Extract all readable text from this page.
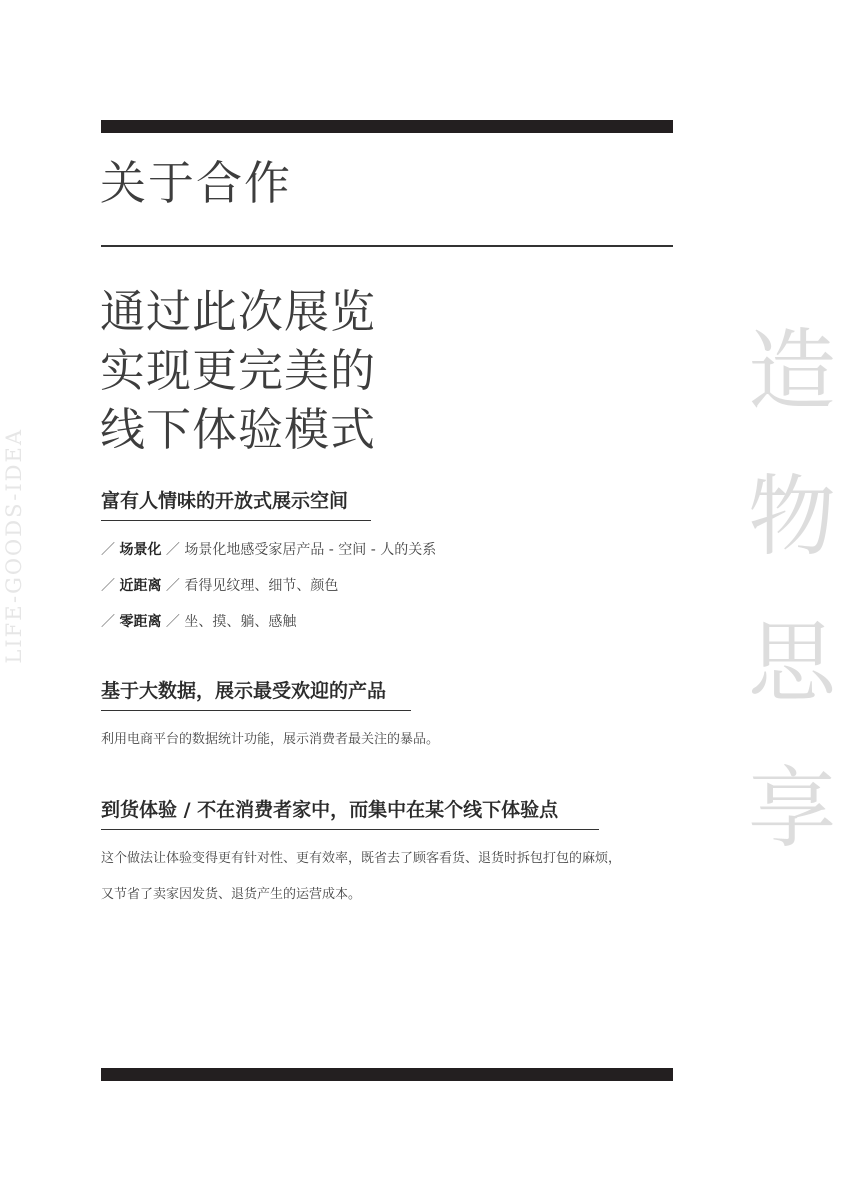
关于合作
通过此次展览
实现更完美的
线下体验模式
富有人情味的开放式展示空间
／ 场景化 ／ 场景化地感受家居产品 - 空间 - 人的关系
／ 近距离 ／ 看得见纹理、细节、颜色
／ 零距离 ／ 坐、摸、躺、感触
基于大数据，展示最受欢迎的产品
利用电商平台的数据统计功能，展示消费者最关注的暴品。
到货体验 / 不在消费者家中，而集中在某个线下体验点
这个做法让体验变得更有针对性、更有效率，既省去了顾客看货、退货时拆包打包的麻烦，
又节省了卖家因发货、退货产生的运营成本。
LIFE-GOODS-IDEA
造
物
思
享
